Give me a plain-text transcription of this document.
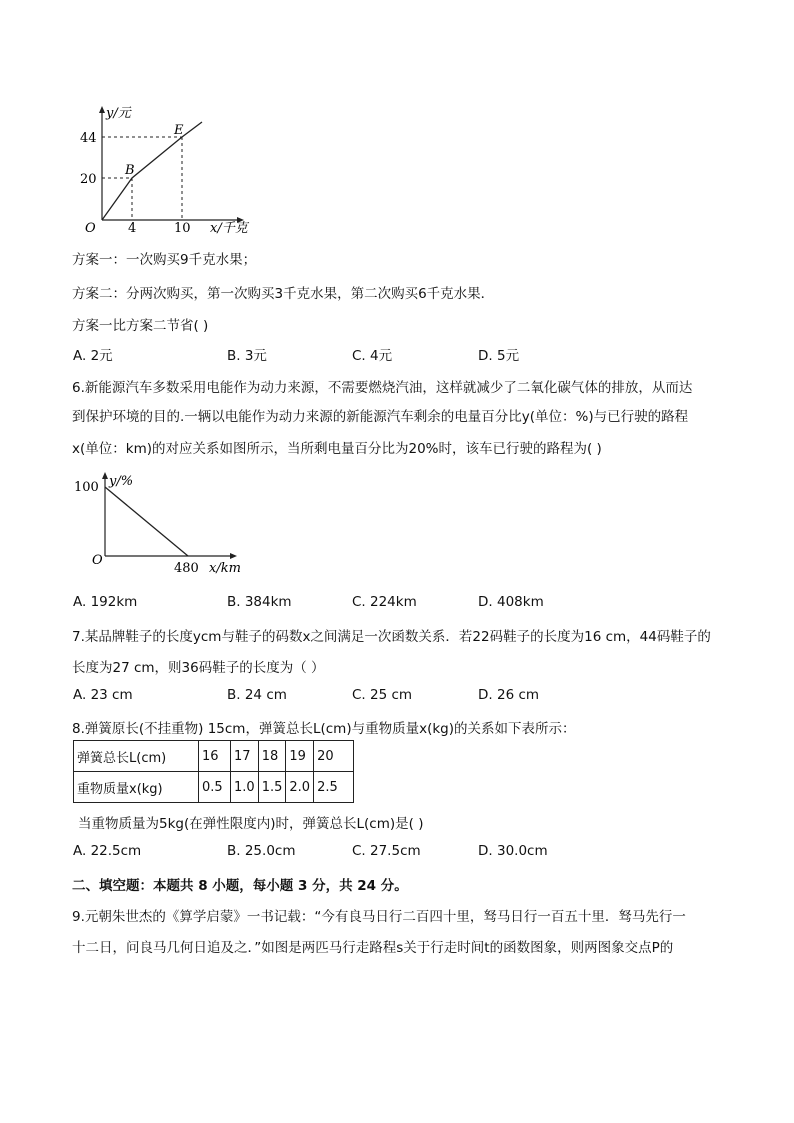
y/元
x/千克
O
44
20
4	10
B
E
方案一：一次购买9千克水果；
方案二：分两次购买，第一次购买3千克水果，第二次购买6千克水果．
方案一比方案二节省( )
A. 2元	B. 3元	C. 4元	D. 5元
6.新能源汽车多数采用电能作为动力来源，不需要燃烧汽油，这样就减少了二氧化碳气体的排放，从而达
到保护环境的目的.一辆以电能作为动力来源的新能源汽车剩余的电量百分比y(单位：%)与已行驶的路程
x(单位：km)的对应关系如图所示，当所剩电量百分比为20%时，该车已行驶的路程为( )
y/%
x/km
O
100
480
A. 192km	B. 384km	C. 224km	D. 408km
7.某品牌鞋子的长度ycm与鞋子的码数x之间满足一次函数关系．若22码鞋子的长度为16 cm，44码鞋子的
长度为27 cm，则36码鞋子的长度为（ ）
A. 23 cm	B. 24 cm	C. 25 cm	D. 26 cm
8.弹簧原长(不挂重物) 15cm，弹簧总长L(cm)与重物质量x(kg)的关系如下表所示：
弹簧总长L(cm)	16	17	18	19	20
重物质量x(kg)	0.5	1.0	1.5	2.0	2.5
当重物质量为5kg(在弹性限度内)时，弹簧总长L(cm)是( )
A. 22.5cm	B. 25.0cm	C. 27.5cm	D. 30.0cm
二、填空题：本题共 8 小题，每小题 3 分，共 24 分。
9.元朝朱世杰的《算学启蒙》一书记载：“今有良马日行二百四十里，驽马日行一百五十里．驽马先行一
十二日，问良马几何日追及之．”如图是两匹马行走路程s关于行走时间t的函数图象，则两图象交点P的
